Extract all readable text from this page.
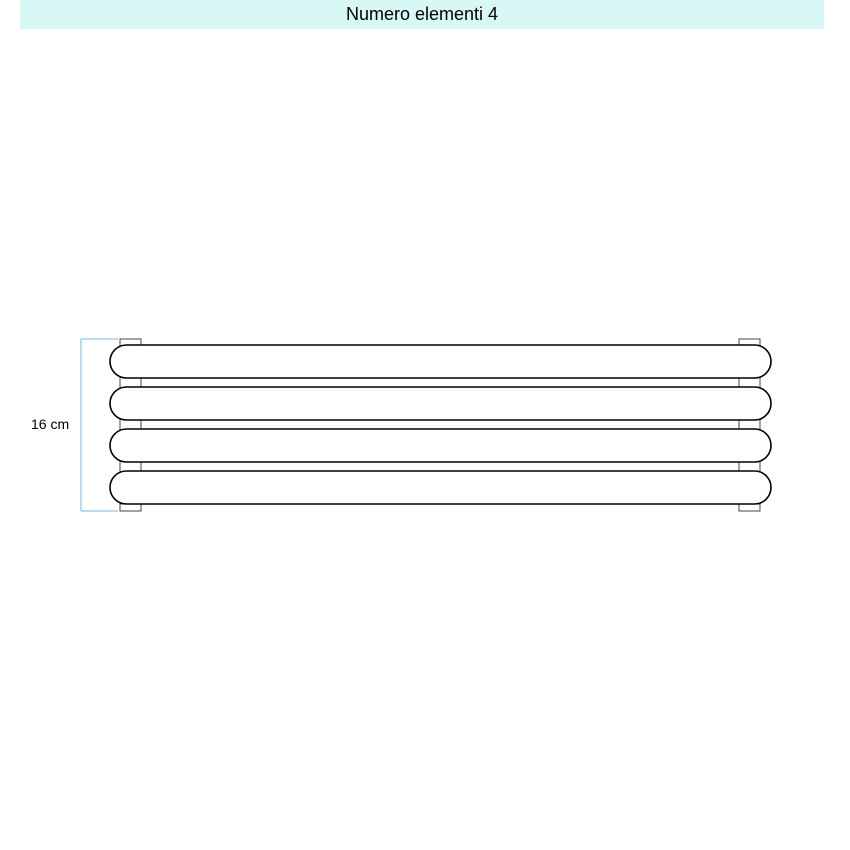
Numero elementi 4
16 cm
